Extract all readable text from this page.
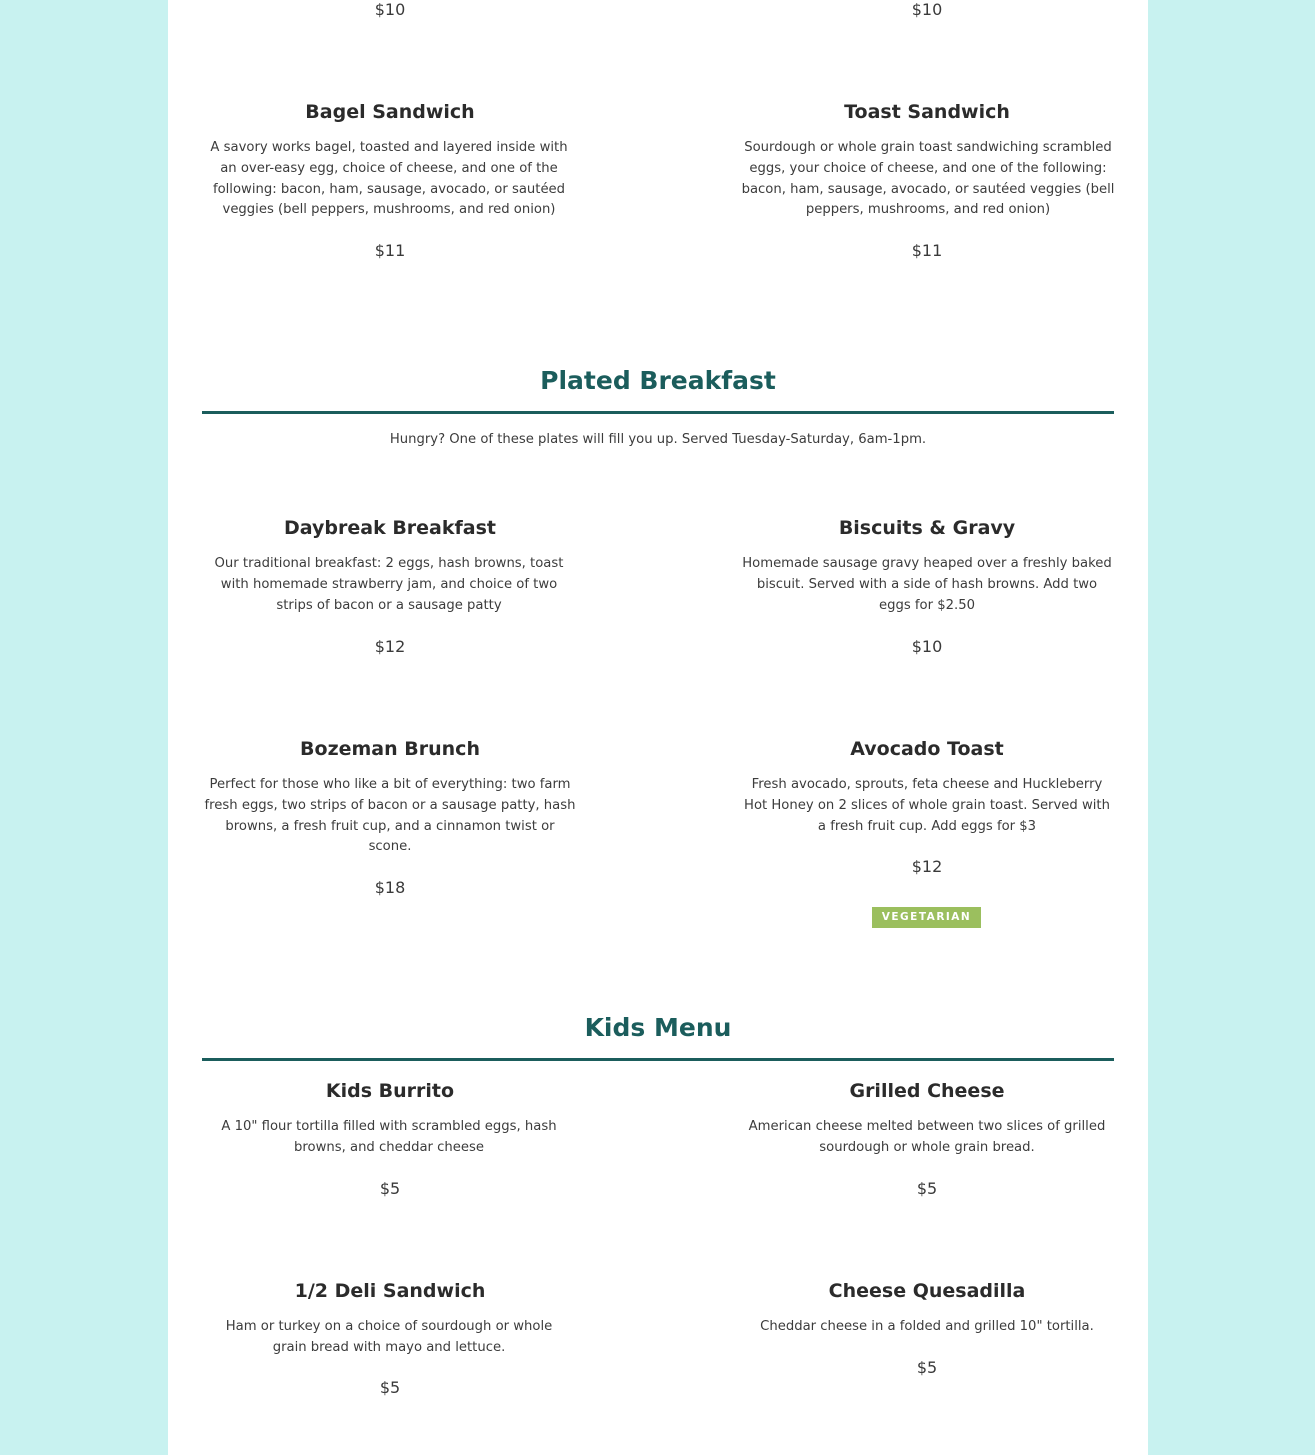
$10	$10
Bagel Sandwich

A savory works bagel, toasted and layered inside with an over-easy egg, choice of cheese, and one of the following: bacon, ham, sausage, avocado, or sautéed veggies (bell peppers, mushrooms, and red onion)

$11
Toast Sandwich

Sourdough or whole grain toast sandwiching scrambled eggs, your choice of cheese, and one of the following: bacon, ham, sausage, avocado, or sautéed veggies (bell peppers, mushrooms, and red onion)

$11
Plated Breakfast
Hungry? One of these plates will fill you up. Served Tuesday-Saturday, 6am-1pm.
Daybreak Breakfast

Our traditional breakfast: 2 eggs, hash browns, toast with homemade strawberry jam, and choice of two strips of bacon or a sausage patty

$12
Biscuits & Gravy

Homemade sausage gravy heaped over a freshly baked biscuit. Served with a side of hash browns. Add two eggs for $2.50

$10
Bozeman Brunch

Perfect for those who like a bit of everything: two farm fresh eggs, two strips of bacon or a sausage patty, hash browns, a fresh fruit cup, and a cinnamon twist or scone.

$18
Avocado Toast

Fresh avocado, sprouts, feta cheese and Huckleberry Hot Honey on 2 slices of whole grain toast. Served with a fresh fruit cup. Add eggs for $3

$12
VEGETARIAN
Kids Menu
Kids Burrito

A 10" flour tortilla filled with scrambled eggs, hash browns, and cheddar cheese

$5
Grilled Cheese

American cheese melted between two slices of grilled sourdough or whole grain bread.

$5
1/2 Deli Sandwich

Ham or turkey on a choice of sourdough or whole grain bread with mayo and lettuce.

$5
Cheese Quesadilla

Cheddar cheese in a folded and grilled 10" tortilla.

$5
